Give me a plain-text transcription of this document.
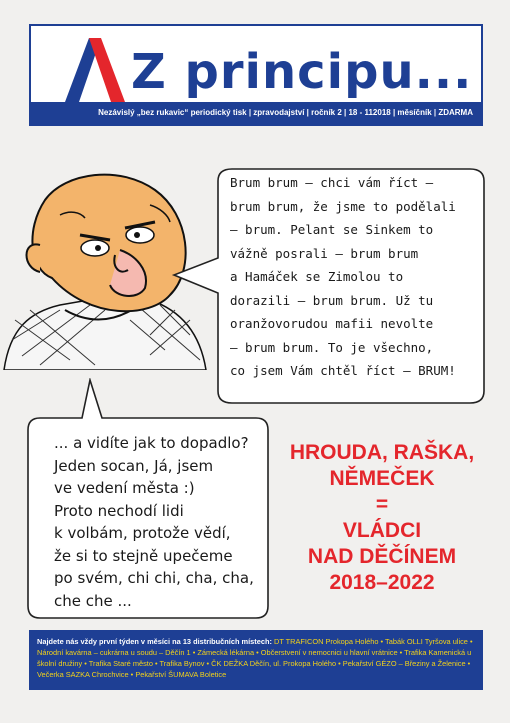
Z principu...
Nezávislý „bez rukavic“ periodický tisk | zpravodajství | ročník 2 | 18 - 112018 | měsíčník | ZDARMA
Brum brum – chci vám říct –
brum brum, že jsme to podělali
– brum. Pelant se Sinkem to
vážně posrali – brum brum
a Hamáček se Zimolou to
dorazili – brum brum. Už tu
oranžovorudou mafii nevolte
– brum brum. To je všechno,
co jsem Vám chtěl říct – BRUM!
... a vidíte jak to dopadlo?
Jeden socan, Já, jsem
ve vedení města :)
Proto nechodí lidi
k volbám, protože vědí,
že si to stejně upečeme
po svém, chi chi, cha, cha,
che che ...
HROUDA, RAŠKA,
NĚMEČEK
=
VLÁDCI
NAD DĚČÍNEM
2018–2022
Najdete nás vždy první týden v měsíci na 13 distribučních místech: DT TRAFICON Prokopa Holého • Tabák OLLI Tyršova ulice • Národní kavárna – cukrárna u soudu – Děčín 1 • Zámecká lékárna • Občerstvení v nemocnici u hlavní vrátnice • Trafika Kamenická u školní družiny • Trafika Staré město • Trafika Bynov • ČK DEŽKA Děčín, ul. Prokopa Holého • Pekařství GÉZO – Březiny a Želenice • Večerka SAZKA Chrochvice • Pekařství ŠUMAVA Boletice
